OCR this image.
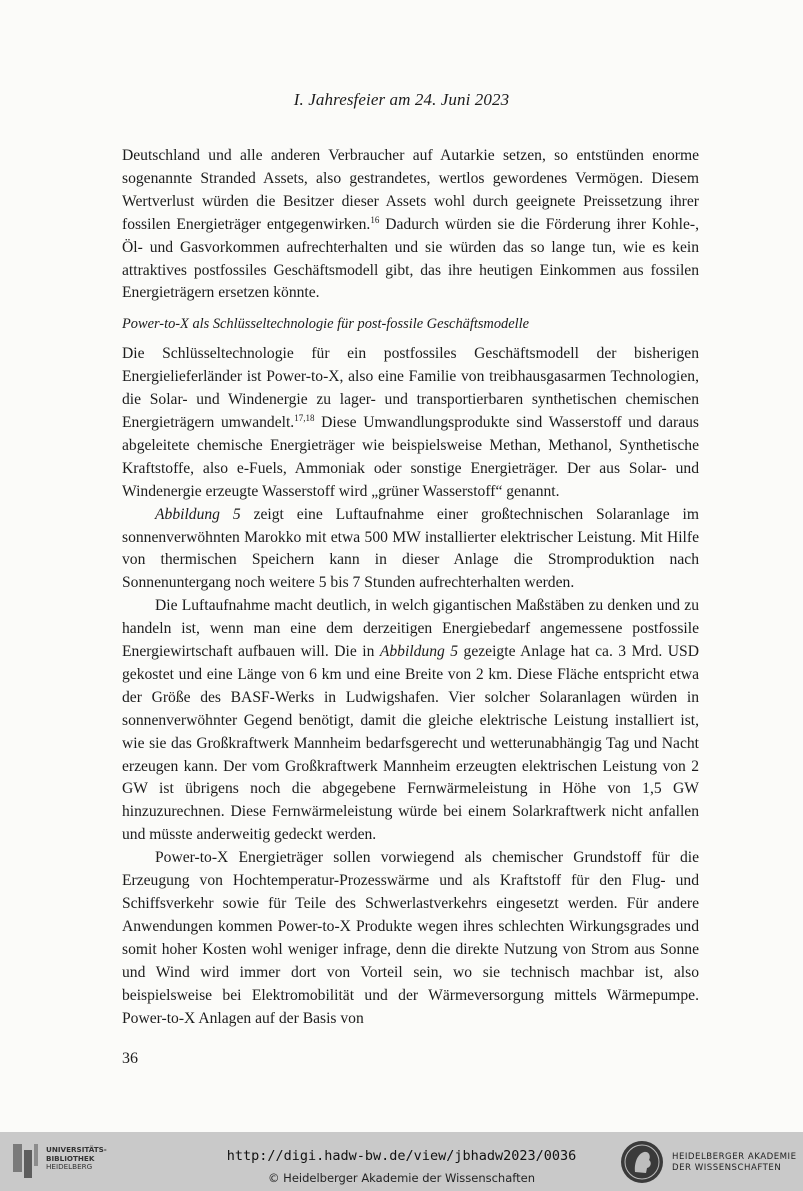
I. Jahresfeier am 24. Juni 2023

Deutschland und alle anderen Verbraucher auf Autarkie setzen, so entstünden enorme sogenannte Stranded Assets, also gestrandetes, wertlos gewordenes Vermögen. Diesem Wertverlust würden die Besitzer dieser Assets wohl durch geeignete Preissetzung ihrer fossilen Energieträger entgegenwirken.$^{16}$ Dadurch würden sie die Förderung ihrer Kohle-, Öl- und Gasvorkommen aufrechterhalten und sie würden das so lange tun, wie es kein attraktives postfossiles Geschäftsmodell gibt, das ihre heutigen Einkommen aus fossilen Energieträgern ersetzen könnte.

Power-to-X als Schlüsseltechnologie für post-fossile Geschäftsmodelle

Die Schlüsseltechnologie für ein postfossiles Geschäftsmodell der bisherigen Energielieferländer ist Power-to-X, also eine Familie von treibhausgasarmen Technologien, die Solar- und Windenergie zu lager- und transportierbaren synthetischen chemischen Energieträgern umwandelt.$^{17,18}$ Diese Umwandlungsprodukte sind Wasserstoff und daraus abgeleitete chemische Energieträger wie beispielsweise Methan, Methanol, Synthetische Kraftstoffe, also e-Fuels, Ammoniak oder sonstige Energieträger. Der aus Solar- und Windenergie erzeugte Wasserstoff wird „grüner Wasserstoff“ genannt.

Abbildung 5 zeigt eine Luftaufnahme einer großtechnischen Solaranlage im sonnenverwöhnten Marokko mit etwa 500 MW installierter elektrischer Leistung. Mit Hilfe von thermischen Speichern kann in dieser Anlage die Stromproduktion nach Sonnenuntergang noch weitere 5 bis 7 Stunden aufrechterhalten werden.

Die Luftaufnahme macht deutlich, in welch gigantischen Maßstäben zu denken und zu handeln ist, wenn man eine dem derzeitigen Energiebedarf angemessene postfossile Energiewirtschaft aufbauen will. Die in Abbildung 5 gezeigte Anlage hat ca. 3 Mrd. USD gekostet und eine Länge von 6 km und eine Breite von 2 km. Diese Fläche entspricht etwa der Größe des BASF-Werks in Ludwigshafen. Vier solcher Solaranlagen würden in sonnenverwöhnter Gegend benötigt, damit die gleiche elektrische Leistung installiert ist, wie sie das Großkraftwerk Mannheim bedarfsgerecht und wetterunabhängig Tag und Nacht erzeugen kann. Der vom Großkraftwerk Mannheim erzeugten elektrischen Leistung von 2 GW ist übrigens noch die abgegebene Fernwärmeleistung in Höhe von 1,5 GW hinzuzurechnen. Diese Fernwärmeleistung würde bei einem Solarkraftwerk nicht anfallen und müsste anderweitig gedeckt werden.

Power-to-X Energieträger sollen vorwiegend als chemischer Grundstoff für die Erzeugung von Hochtemperatur-Prozesswärme und als Kraftstoff für den Flug- und Schiffsverkehr sowie für Teile des Schwerlastverkehrs eingesetzt werden. Für andere Anwendungen kommen Power-to-X Produkte wegen ihres schlechten Wirkungsgrades und somit hoher Kosten wohl weniger infrage, denn die direkte Nutzung von Strom aus Sonne und Wind wird immer dort von Vorteil sein, wo sie technisch machbar ist, also beispielsweise bei Elektromobilität und der Wärmeversorgung mittels Wärmepumpe. Power-to-X Anlagen auf der Basis von

36
UNIVERSITÄTS-
BIBLIOTHEK
HEIDELBERG
http://digi.hadw-bw.de/view/jbhadw2023/0036
© Heidelberger Akademie der Wissenschaften
HEIDELBERGER AKADEMIE
DER WISSENSCHAFTEN
